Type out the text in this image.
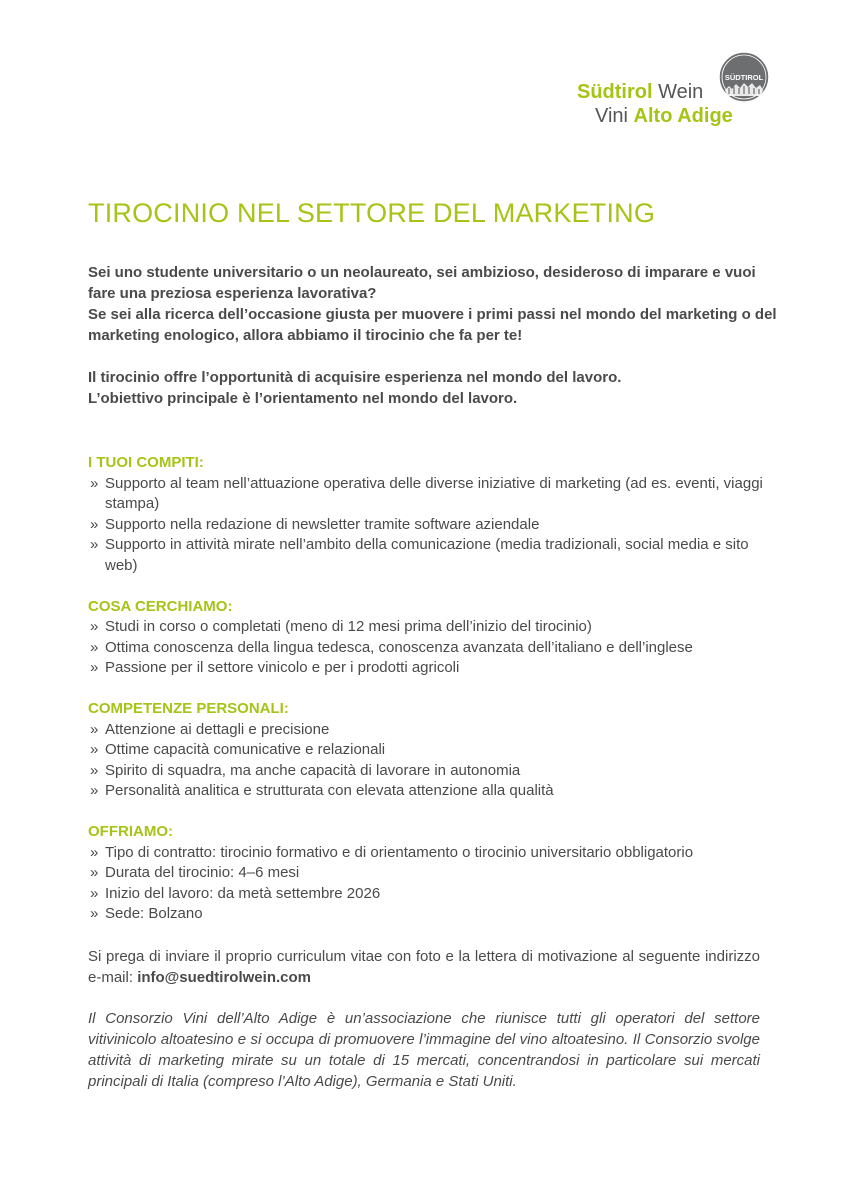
SÜDTIROL
Südtirol Wein
Vini Alto Adige
TIROCINIO NEL SETTORE DEL MARKETING

Sei uno studente universitario o un neolaureato, sei ambizioso, desideroso di imparare e vuoi fare una preziosa esperienza lavorativa?

Se sei alla ricerca dell’occasione giusta per muovere i primi passi nel mondo del marketing o del marketing enologico, allora abbiamo il tirocinio che fa per te!

Il tirocinio offre l’opportunità di acquisire esperienza nel mondo del lavoro.

L’obiettivo principale è l’orientamento nel mondo del lavoro.

I TUOI COMPITI:

» Supporto al team nell’attuazione operativa delle diverse iniziative di marketing (ad es. eventi, viaggi stampa)
» Supporto nella redazione di newsletter tramite software aziendale
» Supporto in attività mirate nell’ambito della comunicazione (media tradizionali, social media e sito web)

COSA CERCHIAMO:

» Studi in corso o completati (meno di 12 mesi prima dell’inizio del tirocinio)
» Ottima conoscenza della lingua tedesca, conoscenza avanzata dell’italiano e dell’inglese
» Passione per il settore vinicolo e per i prodotti agricoli

COMPETENZE PERSONALI:

» Attenzione ai dettagli e precisione
» Ottime capacità comunicative e relazionali
» Spirito di squadra, ma anche capacità di lavorare in autonomia
» Personalità analitica e strutturata con elevata attenzione alla qualità

OFFRIAMO:

» Tipo di contratto: tirocinio formativo e di orientamento o tirocinio universitario obbligatorio
» Durata del tirocinio: 4–6 mesi
» Inizio del lavoro: da metà settembre 2026
» Sede: Bolzano

Si prega di inviare il proprio curriculum vitae con foto e la lettera di motivazione al seguente indirizzo e-mail: info@suedtirolwein.com

Il Consorzio Vini dell’Alto Adige è un’associazione che riunisce tutti gli operatori del settore vitivinicolo altoatesino e si occupa di promuovere l’immagine del vino altoatesino. Il Consorzio svolge attività di marketing mirate su un totale di 15 mercati, concentrandosi in particolare sui mercati principali di Italia (compreso l’Alto Adige), Germania e Stati Uniti.
